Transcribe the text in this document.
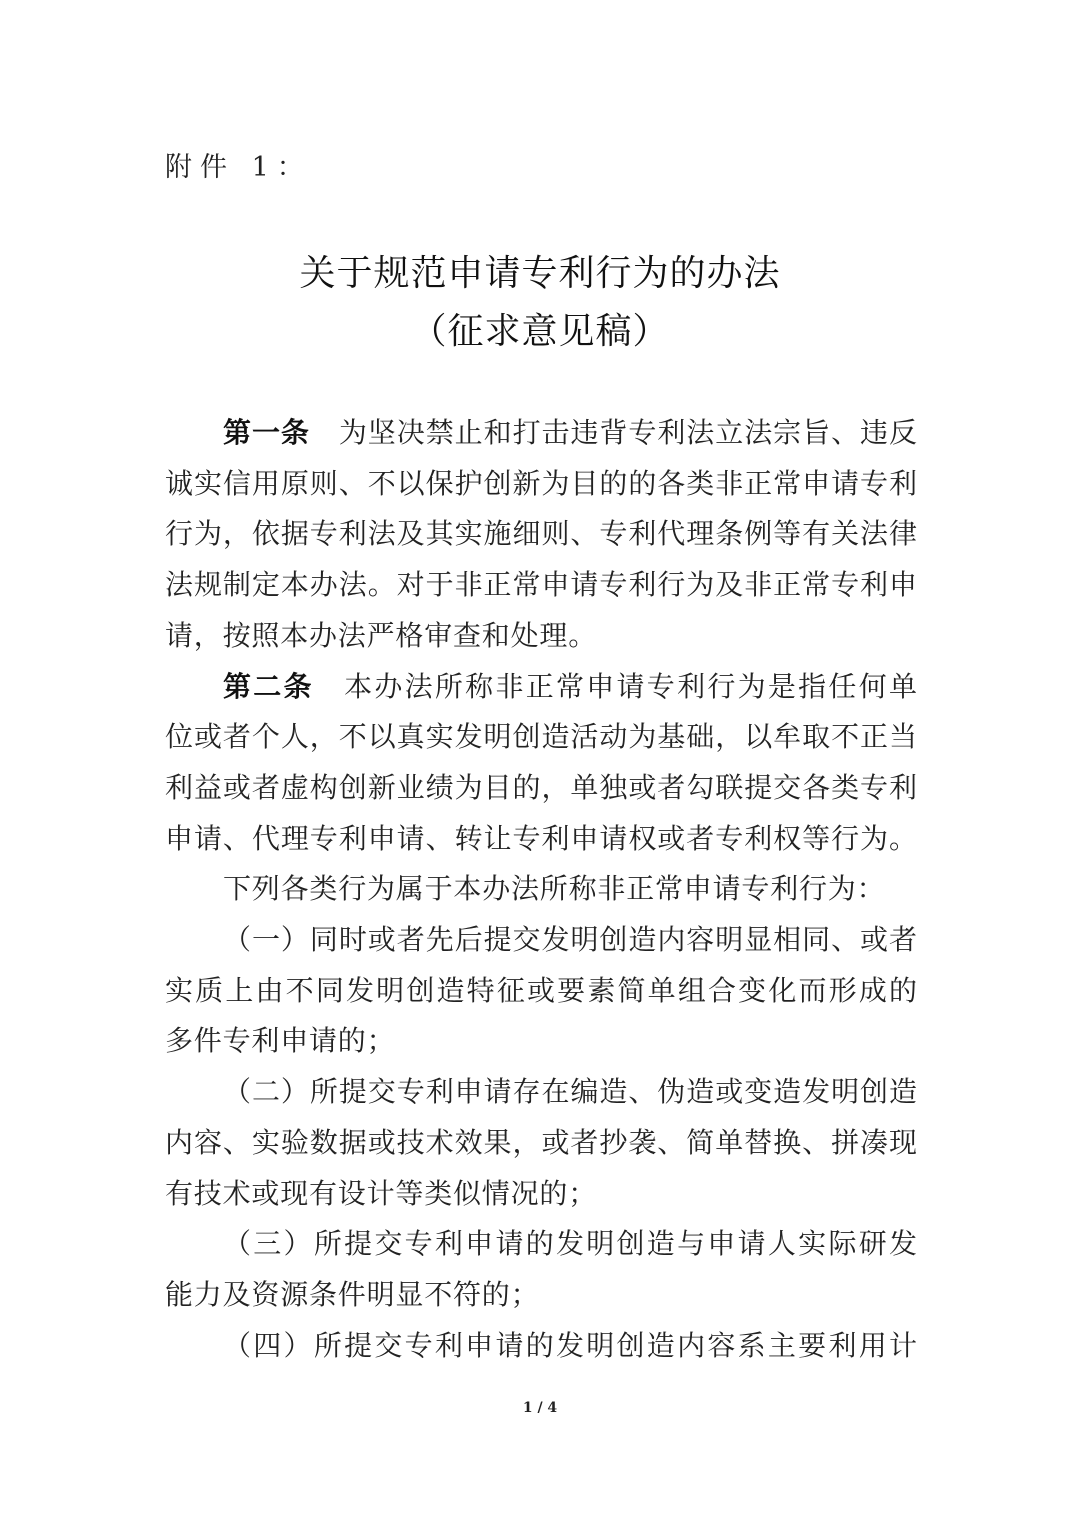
附件 1：
关于规范申请专利行为的办法
（征求意见稿）
第一条　 为坚决禁止和打击违背专利法立法宗旨、违反
诚实信用原则、不以保护创新为目的的各类非正常申请专利
行为，依据专利法及其实施细则、专利代理条例等有关法律
法规制定本办法。对于非正常申请专利行为及非正常专利申
请，按照本办法严格审查和处理。
第二条　 本办法所称非正常申请专利行为是指任何单
位或者个人，不以真实发明创造活动为基础，以牟取不正当
利益或者虚构创新业绩为目的，单独或者勾联提交各类专利
申请、代理专利申请、转让专利申请权或者专利权等行为。
下列各类行为属于本办法所称非正常申请专利行为：
（一）同时或者先后提交发明创造内容明显相同、或者
实质上由不同发明创造特征或要素简单组合变化而形成的
多件专利申请的；
（二）所提交专利申请存在编造、伪造或变造发明创造
内容、实验数据或技术效果，或者抄袭、简单替换、拼凑现
有技术或现有设计等类似情况的；
（三）所提交专利申请的发明创造与申请人实际研发
能力及资源条件明显不符的；
（四）所提交专利申请的发明创造内容系主要利用计
1 / 4
